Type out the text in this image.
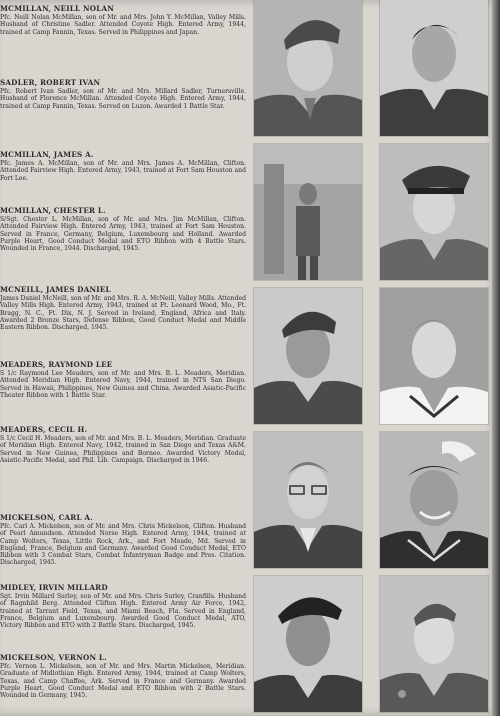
MCMILLAN, NEILL NOLAN
Pfc. Neill Nolan McMillan, son of Mr. and Mrs. John Y. McMillan, Valley Mills. Husband of Christine Sadler. Attended Coyote High. Entered Army, 1944, trained at Camp Fannin, Texas. Served in Philippines and Japan.
SADLER, ROBERT IVAN
Pfc. Robert Ivan Sadler, son of Mr. and Mrs. Millard Sadler, Turnersville. Husband of Florence McMillan. Attended Coyote High. Entered Army, 1944, trained at Camp Fannin, Texas. Served on Luzon. Awarded 1 Battle Star.
MCMILLAN, JAMES A.
Pfc. James A. McMillan, son of Mr. and Mrs. James A. McMillan, Clifton. Attended Fairview High. Entered Army, 1943, trained at Fort Sam Houston and Fort Lee.
MCMILLAN, CHESTER L.
S/Sgt. Chester L. McMillan, son of Mr. and Mrs. Jim McMillan, Clifton. Attended Fairview High. Entered Army, 1943, trained at Fort Sam Houston. Served in France, Germany, Belgium, Luxembourg and Holland. Awarded Purple Heart, Good Conduct Medal and ETO Ribbon with 4 Battle Stars. Wounded in France, 1944. Discharged, 1945.
MCNEILL, JAMES DANIEL
James Daniel McNeill, son of Mr. and Mrs. R. A. McNeill, Valley Mills. Attended Valley Mills High. Entered Army, 1943, trained at Ft. Leonard Wood, Mo., Ft. Bragg, N. C., Ft. Dix, N. J. Served in Ireland, England, Africa and Italy. Awarded 2 Bronze Stars, Defense Ribbon, Good Conduct Medal and Middle Eastern Ribbon. Discharged, 1945.
MEADERS, RAYMOND LEE
S 1/c Raymond Lee Meaders, son of Mr. and Mrs. B. L. Meaders, Meridian. Attended Meridian High. Entered Navy, 1944, trained in NTS San Diego. Served in Hawaii, Philippines, New Guinea and China. Awarded Asiatic-Pacific Theater Ribbon with 1 Battle Star.
MEADERS, CECIL H.
S 1/c Cecil H. Meaders, son of Mr. and Mrs. B. L. Meaders, Meridian. Graduate of Meridian High. Entered Navy, 1942, trained in San Diego and Texas A&M. Served in New Guinea, Philippines and Borneo. Awarded Victory Medal, Asiatic-Pacific Medal, and Phil. Lib. Campaign. Discharged in 1946.
MICKELSON, CARL A.
Pfc. Carl A. Mickelson, son of Mr. and Mrs. Chris Mickelson, Clifton. Husband of Pearl Amundson. Attended Norse High. Entered Army, 1944, trained at Camp Wolters, Texas, Little Rock, Ark., and Fort Meade, Md. Served in England, France, Belgium and Germany. Awarded Good Conduct Medal, ETO Ribbon with 3 Combat Stars, Combat Infantryman Badge and Pres. Citation. Discharged, 1945.
MIDLEY, IRVIN MILLARD
Sgt. Irvin Millard Surley, son of Mr. and Mrs. Chris Surley, Cranfills. Husband of Ragnhild Berg. Attended Clifton High. Entered Army Air Force, 1942, trained at Tarrant Field, Texas, and Miami Beach, Fla. Served in England, France, Belgium and Luxembourg. Awarded Good Conduct Medal, ATO, Victory Ribbon and ETO with 2 Battle Stars. Discharged, 1945.
MICKELSON, VERNON L.
Pfc. Vernon L. Mickelson, son of Mr. and Mrs. Martin Mickelson, Meridian. Graduate of Midlothian High. Entered Army, 1944, trained at Camp Wolters, Texas, and Camp Chaffee, Ark. Served in France and Germany. Awarded Purple Heart, Good Conduct Medal and ETO Ribbon with 2 Battle Stars. Wounded in Germany, 1945.
